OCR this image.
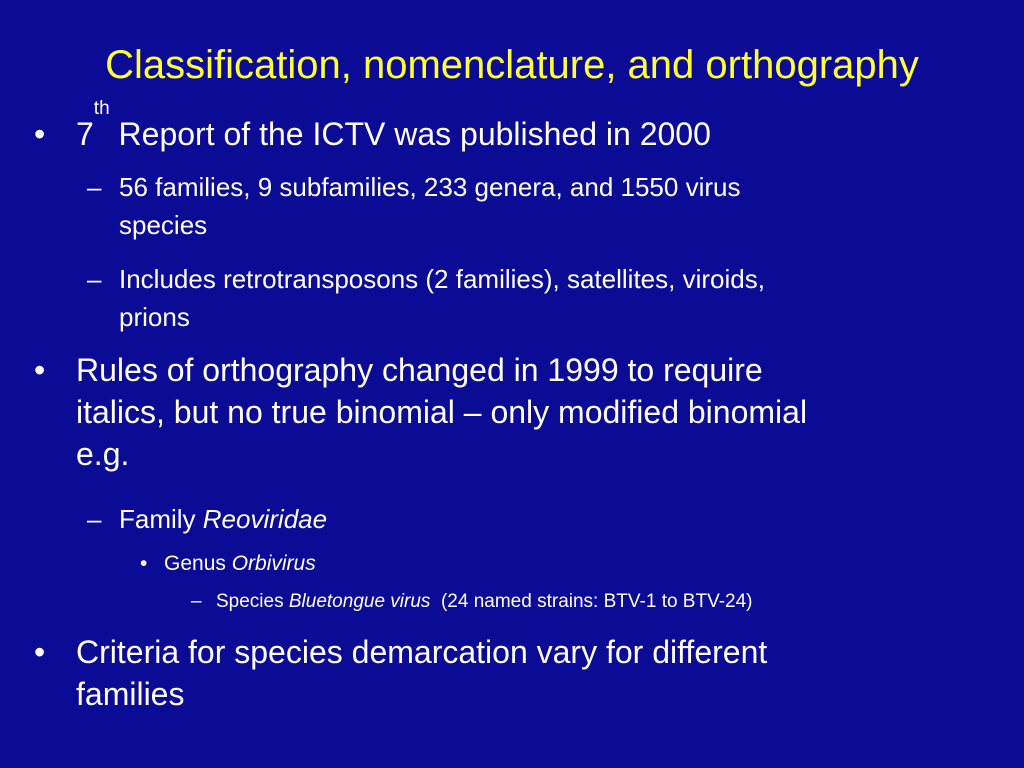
Classification, nomenclature, and orthography
• 7th Report of the ICTV was published in 2000
– 56 families, 9 subfamilies, 233 genera, and 1550 virus
species
– Includes retrotransposons (2 families), satellites, viroids,
prions
• Rules of orthography changed in 1999 to require
italics, but no true binomial – only modified binomial
e.g.
– Family Reoviridae
• Genus Orbivirus
– Species Bluetongue virus  (24 named strains: BTV-1 to BTV-24)
• Criteria for species demarcation vary for different
families
